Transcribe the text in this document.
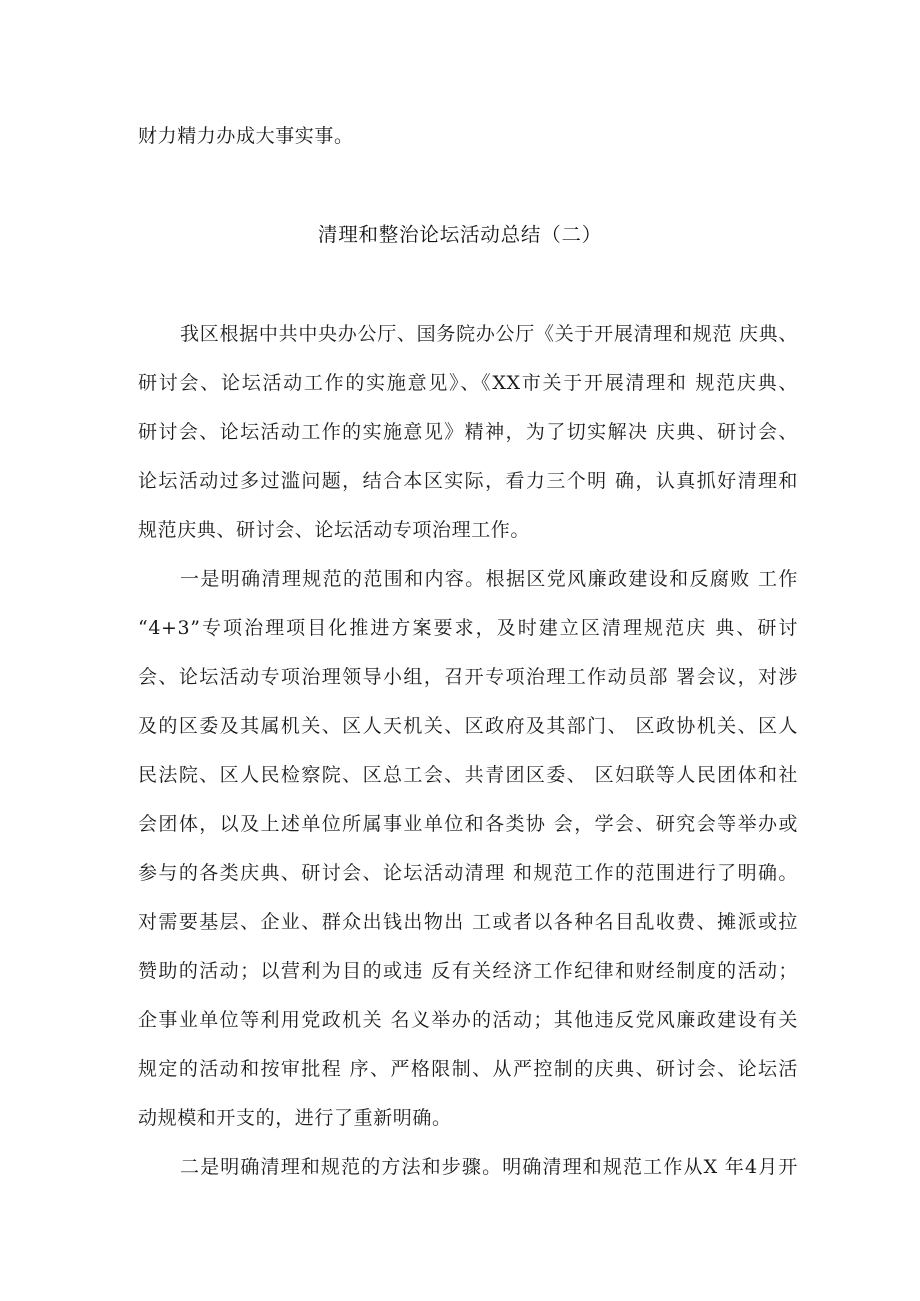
财力精力办成大事实事。
清理和整治论坛活动总结（二）
我区根据中共中央办公厅、国务院办公厅《关于开展清理和规范 庆典、
研讨会、论坛活动工作的实施意见》、《XX市关于开展清理和 规范庆典、
研讨会、论坛活动工作的实施意见》精神，为了切实解决 庆典、研讨会、
论坛活动过多过滥问题，结合本区实际，看力三个明 确，认真抓好清理和
规范庆典、研讨会、论坛活动专项治理工作。
一是明确清理规范的范围和内容。根据区党风廉政建设和反腐败 工作
“4+3”专项治理项目化推进方案要求，及时建立区清理规范庆 典、研讨
会、论坛活动专项治理领导小组，召开专项治理工作动员部 署会议，对涉
及的区委及其属机关、区人天机关、区政府及其部门、 区政协机关、区人
民法院、区人民检察院、区总工会、共青团区委、 区妇联等人民团体和社
会团体，以及上述单位所属事业单位和各类协 会，学会、研究会等举办或
参与的各类庆典、研讨会、论坛活动清理 和规范工作的范围进行了明确。
对需要基层、企业、群众出钱出物出 工或者以各种名目乱收费、摊派或拉
赞助的活动；以营利为目的或违 反有关经济工作纪律和财经制度的活动；
企事业单位等利用党政机关 名义举办的活动；其他违反党风廉政建设有关
规定的活动和按审批程 序、严格限制、从严控制的庆典、研讨会、论坛活
动规模和开支的，进行了重新明确。
二是明确清理和规范的方法和步骤。明确清理和规范工作从X 年4月开
